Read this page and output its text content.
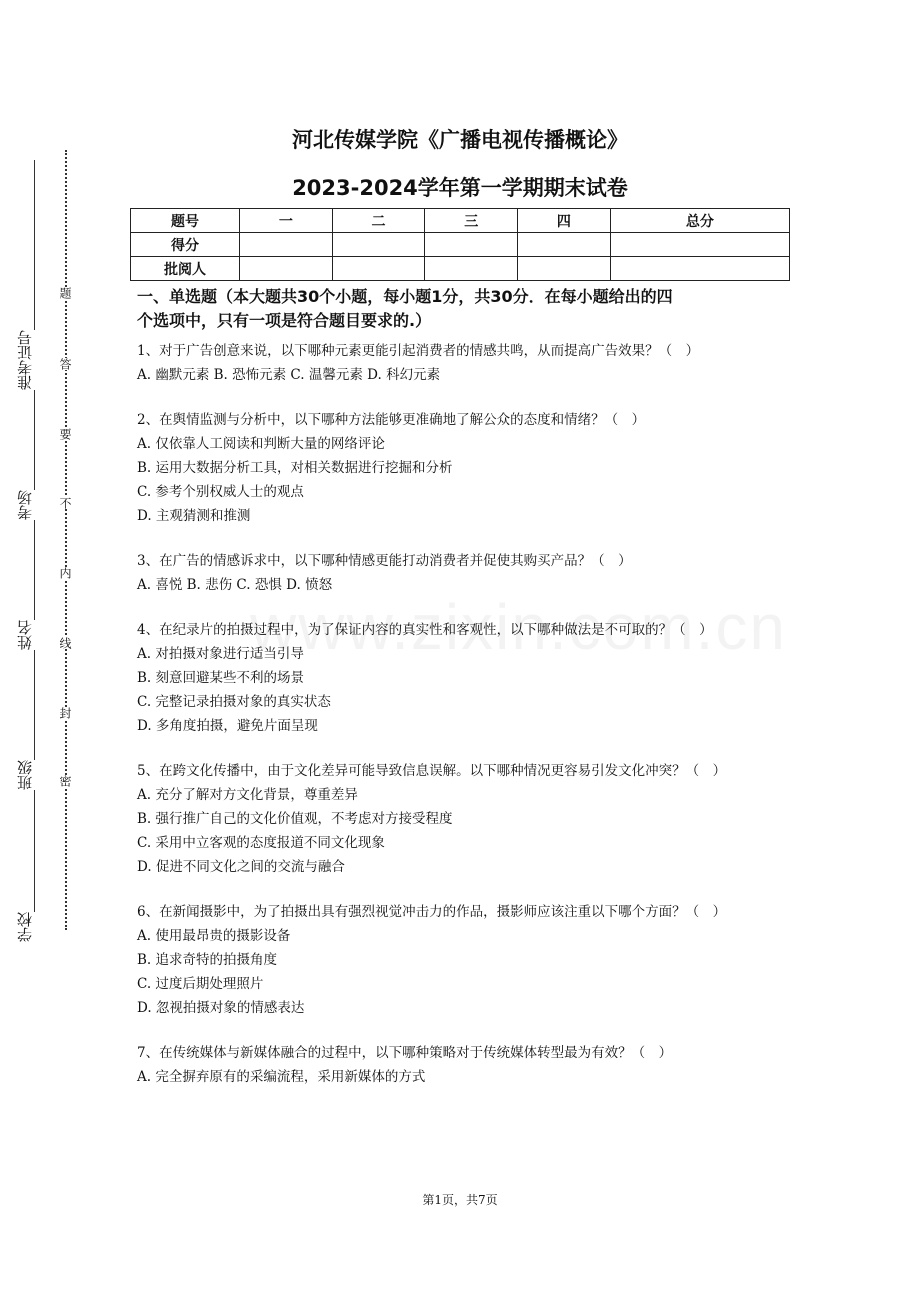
准考证号
考场
姓名
班级
学校
题
答
要
不
内
线
封
密
河北传媒学院《广播电视传播概论》
2023-2024学年第一学期期末试卷
题号	一	二	三	四	总分
得分					
批阅人					
一、单选题（本大题共30个小题，每小题1分，共30分．在每小题给出的四
个选项中，只有一项是符合题目要求的.）
1、对于广告创意来说，以下哪种元素更能引起消费者的情感共鸣，从而提高广告效果？（　）
A. 幽默元素 B. 恐怖元素 C. 温馨元素 D. 科幻元素
2、在舆情监测与分析中，以下哪种方法能够更准确地了解公众的态度和情绪？（　）
A. 仅依靠人工阅读和判断大量的网络评论
B. 运用大数据分析工具，对相关数据进行挖掘和分析
C. 参考个别权威人士的观点
D. 主观猜测和推测
3、在广告的情感诉求中，以下哪种情感更能打动消费者并促使其购买产品？（　）
A. 喜悦 B. 悲伤 C. 恐惧 D. 愤怒
4、在纪录片的拍摄过程中，为了保证内容的真实性和客观性，以下哪种做法是不可取的？（　）
A. 对拍摄对象进行适当引导
B. 刻意回避某些不利的场景
C. 完整记录拍摄对象的真实状态
D. 多角度拍摄，避免片面呈现
5、在跨文化传播中，由于文化差异可能导致信息误解。以下哪种情况更容易引发文化冲突？（　）
A. 充分了解对方文化背景，尊重差异
B. 强行推广自己的文化价值观，不考虑对方接受程度
C. 采用中立客观的态度报道不同文化现象
D. 促进不同文化之间的交流与融合
6、在新闻摄影中，为了拍摄出具有强烈视觉冲击力的作品，摄影师应该注重以下哪个方面？（　）
A. 使用最昂贵的摄影设备
B. 追求奇特的拍摄角度
C. 过度后期处理照片
D. 忽视拍摄对象的情感表达
7、在传统媒体与新媒体融合的过程中，以下哪种策略对于传统媒体转型最为有效？（　）
A. 完全摒弃原有的采编流程，采用新媒体的方式
第1页，共7页
